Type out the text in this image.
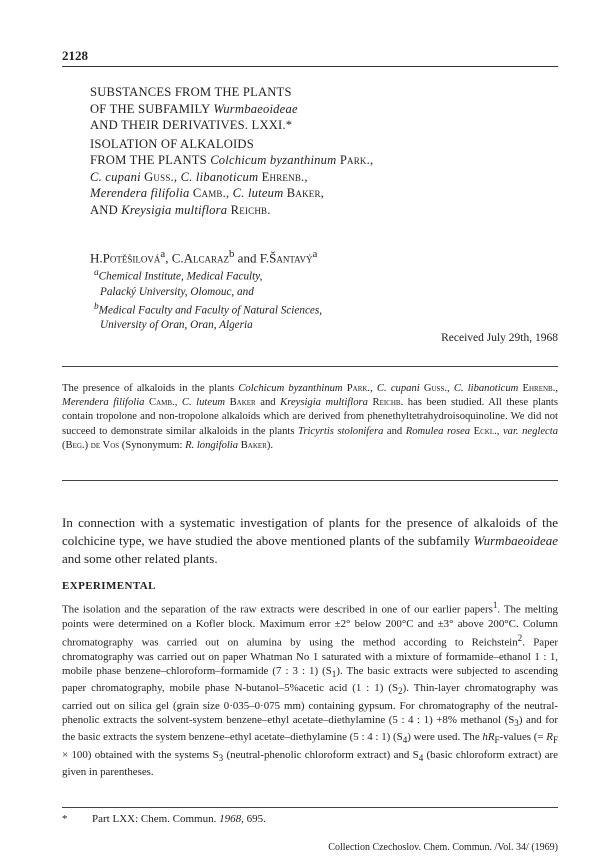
2128
SUBSTANCES FROM THE PLANTS
OF THE SUBFAMILY Wurmbaeoideae
AND THEIR DERIVATIVES. LXXI.*
ISOLATION OF ALKALOIDS
FROM THE PLANTS Colchicum byzanthinum Park.,
C. cupani Guss., C. libanoticum Ehrenb.,
Merendera filifolia Camb., C. luteum Baker,
AND Kreysigia multiflora Reichb.
H.Potěšilová$^a$, C.Alcaraz$^b$ and F.Šantavý$^a$
$^a$Chemical Institute, Medical Faculty,
Palacký University, Olomouc, and
$^b$Medical Faculty and Faculty of Natural Sciences,
University of Oran, Oran, Algeria
Received July 29th, 1968
The presence of alkaloids in the plants Colchicum byzanthinum Park., C. cupani Guss., C. libanoticum Ehrenb., Merendera filifolia Camb., C. luteum Baker and Kreysigia multiflora Reichb. has been studied. All these plants contain tropolone and non-tropolone alkaloids which are derived from phenethyltetrahydroisoquinoline. We did not succeed to demonstrate similar alkaloids in the plants Tricyrtis stolonifera and Romulea rosea Eckl., var. neglecta (Beg.) de Vos (Synonymum: R. longifolia Baker).
In connection with a systematic investigation of plants for the presence of alkaloids of the colchicine type, we have studied the above mentioned plants of the subfamily Wurmbaeoideae and some other related plants.
EXPERIMENTAL
The isolation and the separation of the raw extracts were described in one of our earlier papers$^1$. The melting points were determined on a Kofler block. Maximum error ±2° below 200°C and ±3° above 200°C. Column chromatography was carried out on alumina by using the method according to Reichstein$^2$. Paper chromatography was carried out on paper Whatman No 1 saturated with a mixture of formamide–ethanol 1 : 1, mobile phase benzene–chloroform–formamide (7 : 3 : 1) $(S_1)$. The basic extracts were subjected to ascending paper chromatography, mobile phase N-butanol–5%acetic acid (1 : 1) $(S_2)$. Thin-layer chromatography was carried out on silica gel (grain size 0·035–0·075 mm) containing gypsum. For chromatography of the neutral-phenolic extracts the solvent-system benzene–ethyl acetate–diethylamine (5 : 4 : 1) +8% methanol $(S_3)$ and for the basic extracts the system benzene–ethyl acetate–diethylamine (5 : 4 : 1) $(S_4)$ were used. The $hR_F$-values (= $R_F \times 100$) obtained with the systems $S_3$ (neutral-phenolic chloroform extract) and $S_4$ (basic chloroform extract) are given in parentheses.
* Part LXX: Chem. Commun. 1968, 695.
Collection Czechoslov. Chem. Commun. /Vol. 34/ (1969)
